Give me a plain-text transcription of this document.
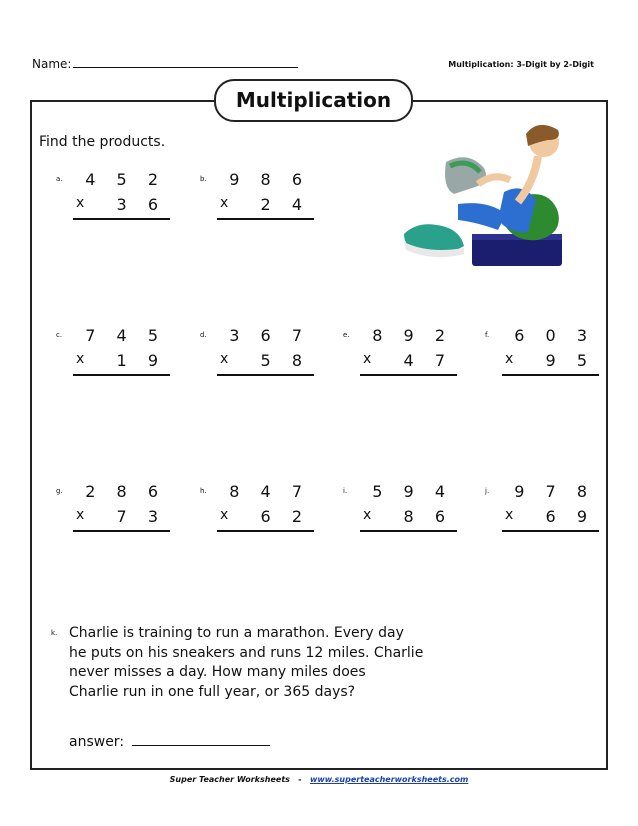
Name:	Multiplication: 3-Digit by 2-Digit
Multiplication
Find the products.
a. 4 5 2
x 3 6
b. 9 8 6
x 2 4
c. 7 4 5
x 1 9
d. 3 6 7
x 5 8
e. 8 9 2
x 4 7
f. 6 0 3
x 9 5
g. 2 8 6
x 7 3
h. 8 4 7
x 6 2
i. 5 9 4
x 8 6
j. 9 7 8
x 6 9
k. Charlie is training to run a marathon. Every day
he puts on his sneakers and runs 12 miles. Charlie
never misses a day. How many miles does
Charlie run in one full year, or 365 days?
answer:
Super Teacher Worksheets - www.superteacherworksheets.com
